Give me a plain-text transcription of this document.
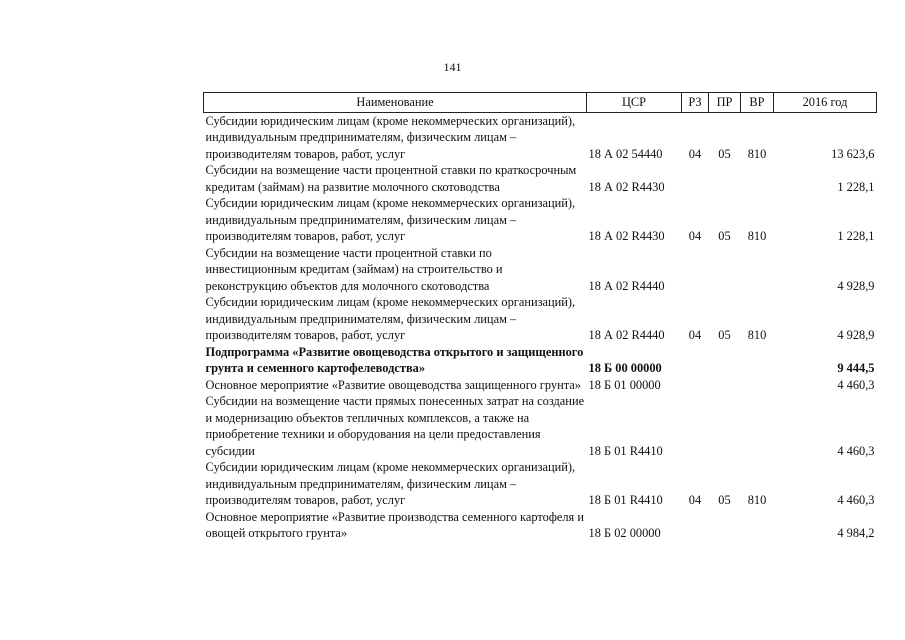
141
Наименование	ЦСР	РЗ	ПР	ВР	2016 год
Субсидии юридическим лицам (кроме некоммерческих организаций), индивидуальным предпринимателям, физическим лицам – производителям товаров, работ, услуг	18 А 02 54440	04	05	810	13 623,6
Субсидии на возмещение части процентной ставки по краткосрочным кредитам (займам) на развитие молочного скотоводства	18 А 02 R4430				1 228,1
Субсидии юридическим лицам (кроме некоммерческих организаций), индивидуальным предпринимателям, физическим лицам – производителям товаров, работ, услуг	18 А 02 R4430	04	05	810	1 228,1
Субсидии на возмещение части процентной ставки по инвестиционным кредитам (займам) на строительство и реконструкцию объектов для молочного скотоводства	18 А 02 R4440				4 928,9
Субсидии юридическим лицам (кроме некоммерческих организаций), индивидуальным предпринимателям, физическим лицам – производителям товаров, работ, услуг	18 А 02 R4440	04	05	810	4 928,9
Подпрограмма «Развитие овощеводства открытого и защищенного грунта и семенного картофелеводства»	18 Б 00 00000				9 444,5
Основное мероприятие «Развитие овощеводства защищенного грунта»	18 Б 01 00000				4 460,3
Субсидии на возмещение части прямых понесенных затрат на создание и модернизацию объектов тепличных комплексов, а также на приобретение техники и оборудования на цели предоставления субсидии	18 Б 01 R4410				4 460,3
Субсидии юридическим лицам (кроме некоммерческих организаций), индивидуальным предпринимателям, физическим лицам – производителям товаров, работ, услуг	18 Б 01 R4410	04	05	810	4 460,3
Основное мероприятие «Развитие производства семенного картофеля и овощей открытого грунта»	18 Б 02 00000				4 984,2
